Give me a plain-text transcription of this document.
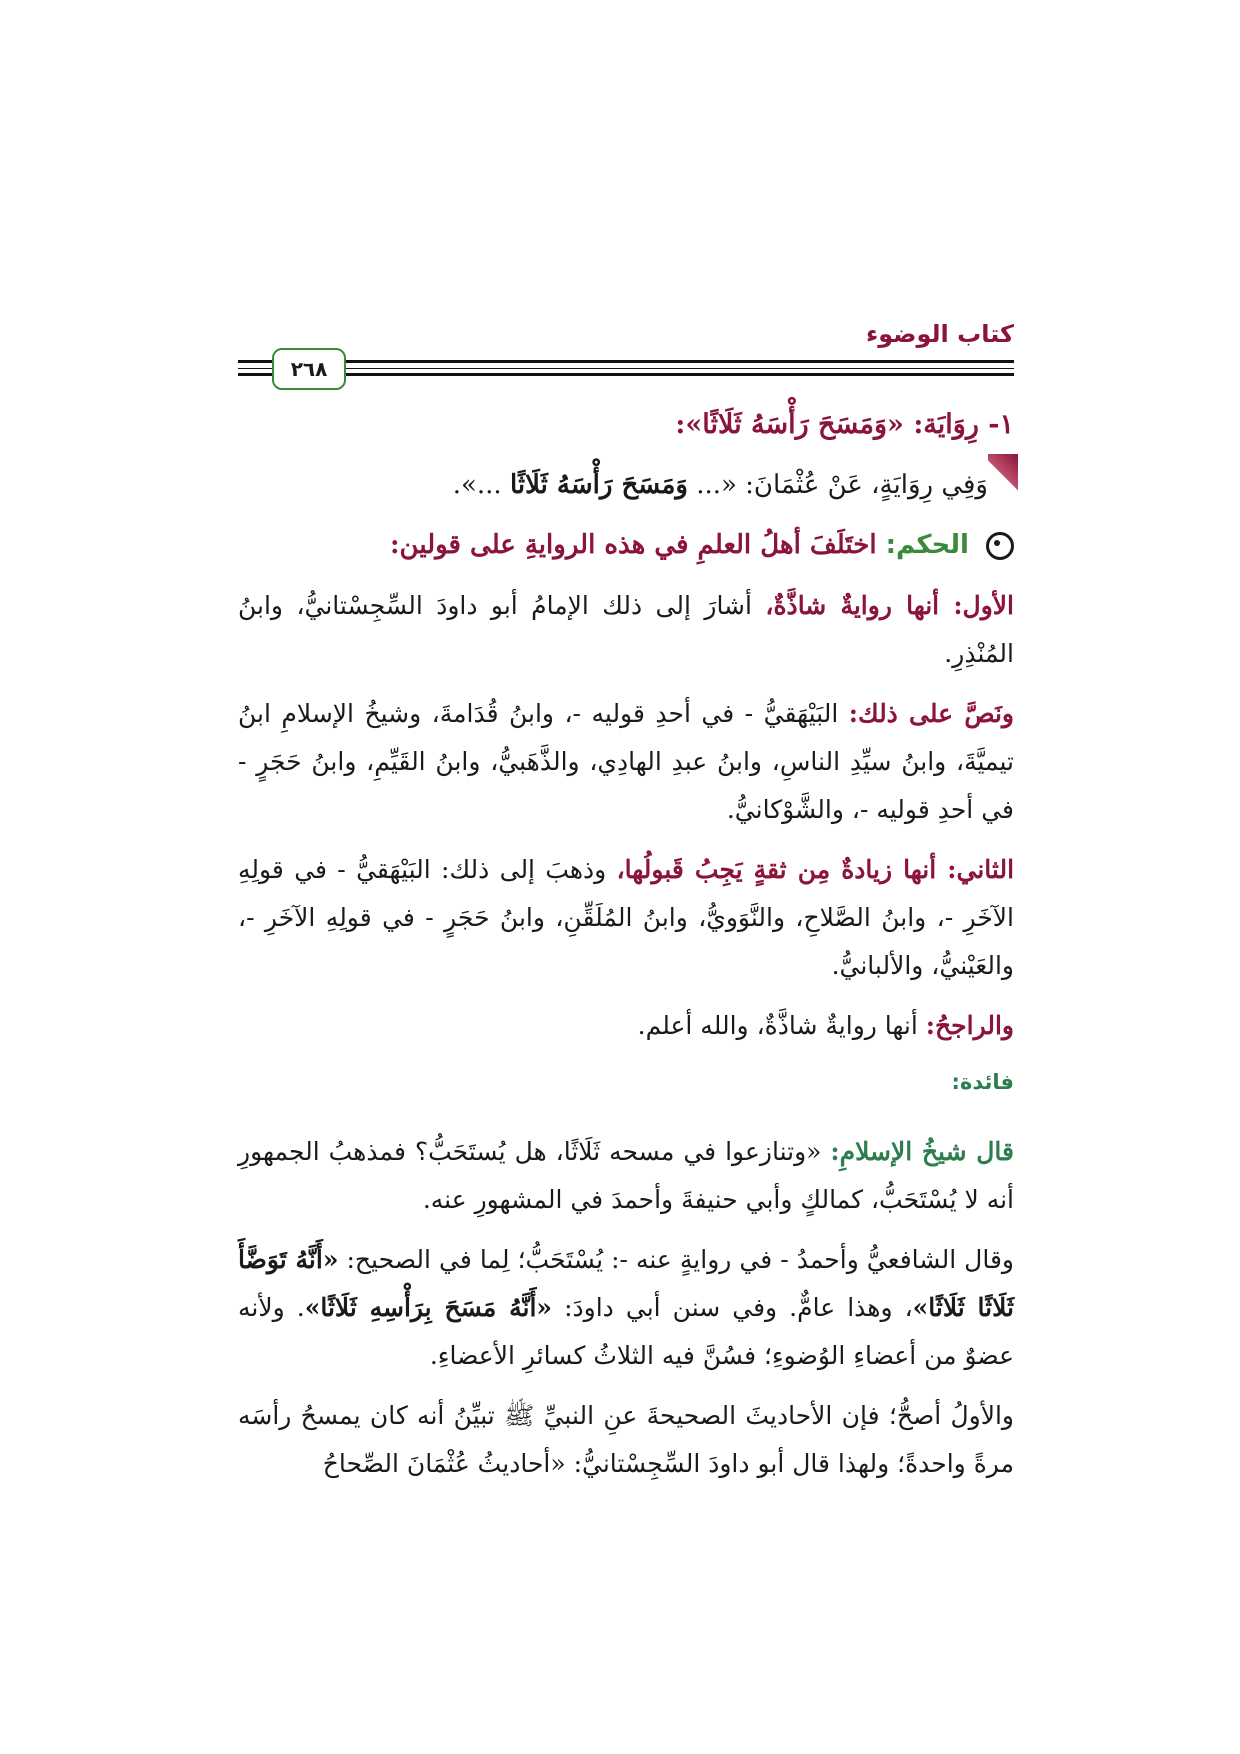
كتاب الوضوء
٢٦٨
١- رِوَايَة: «وَمَسَحَ رَأْسَهُ ثَلَاثًا»:
وَفِي رِوَايَةٍ، عَنْ عُثْمَانَ: «... وَمَسَحَ رَأْسَهُ ثَلَاثًا ...».
الحكم: اختَلَفَ أهلُ العلمِ في هذه الروايةِ على قولين:

الأول: أنها روايةٌ شاذَّةٌ، أشارَ إلى ذلك الإمامُ أبو داودَ السِّجِسْتانيُّ، وابنُ المُنْذِرِ.

ونَصَّ على ذلك: البَيْهَقيُّ - في أحدِ قوليه -، وابنُ قُدَامةَ، وشيخُ الإسلامِ ابنُ تيميَّةَ، وابنُ سيِّدِ الناسِ، وابنُ عبدِ الهادِي، والذَّهَبيُّ، وابنُ القَيِّمِ، وابنُ حَجَرٍ - في أحدِ قوليه -، والشَّوْكانيُّ.

الثاني: أنها زيادةٌ مِن ثقةٍ يَجِبُ قَبولُها، وذهبَ إلى ذلك: البَيْهَقيُّ - في قولِهِ الآخَرِ -، وابنُ الصَّلاحِ، والنَّوَويُّ، وابنُ المُلَقِّنِ، وابنُ حَجَرٍ - في قولِهِ الآخَرِ -، والعَيْنيُّ، والألبانيُّ.

والراجحُ: أنها روايةٌ شاذَّةٌ، والله أعلم.

فائدة:

قال شيخُ الإسلامِ: «وتنازعوا في مسحه ثَلَاثًا، هل يُستَحَبُّ؟ فمذهبُ الجمهورِ أنه لا يُسْتَحَبُّ، كمالكٍ وأبي حنيفةَ وأحمدَ في المشهورِ عنه.

وقال الشافعيُّ وأحمدُ - في روايةٍ عنه -: يُسْتَحَبُّ؛ لِما في الصحيح: «أَنَّهُ تَوَضَّأَ ثَلَاثًا ثَلَاثًا»، وهذا عامٌّ. وفي سنن أبي داودَ: «أَنَّهُ مَسَحَ بِرَأْسِهِ ثَلَاثًا». ولأنه عضوٌ من أعضاءِ الوُضوءِ؛ فسُنَّ فيه الثلاثُ كسائرِ الأعضاءِ.

والأولُ أصحُّ؛ فإن الأحاديثَ الصحيحةَ عنِ النبيِّ ﷺ تبيِّنُ أنه كان يمسحُ رأسَه مرةً واحدةً؛ ولهذا قال أبو داودَ السِّجِسْتانيُّ: «أحاديثُ عُثْمَانَ الصِّحاحُ
